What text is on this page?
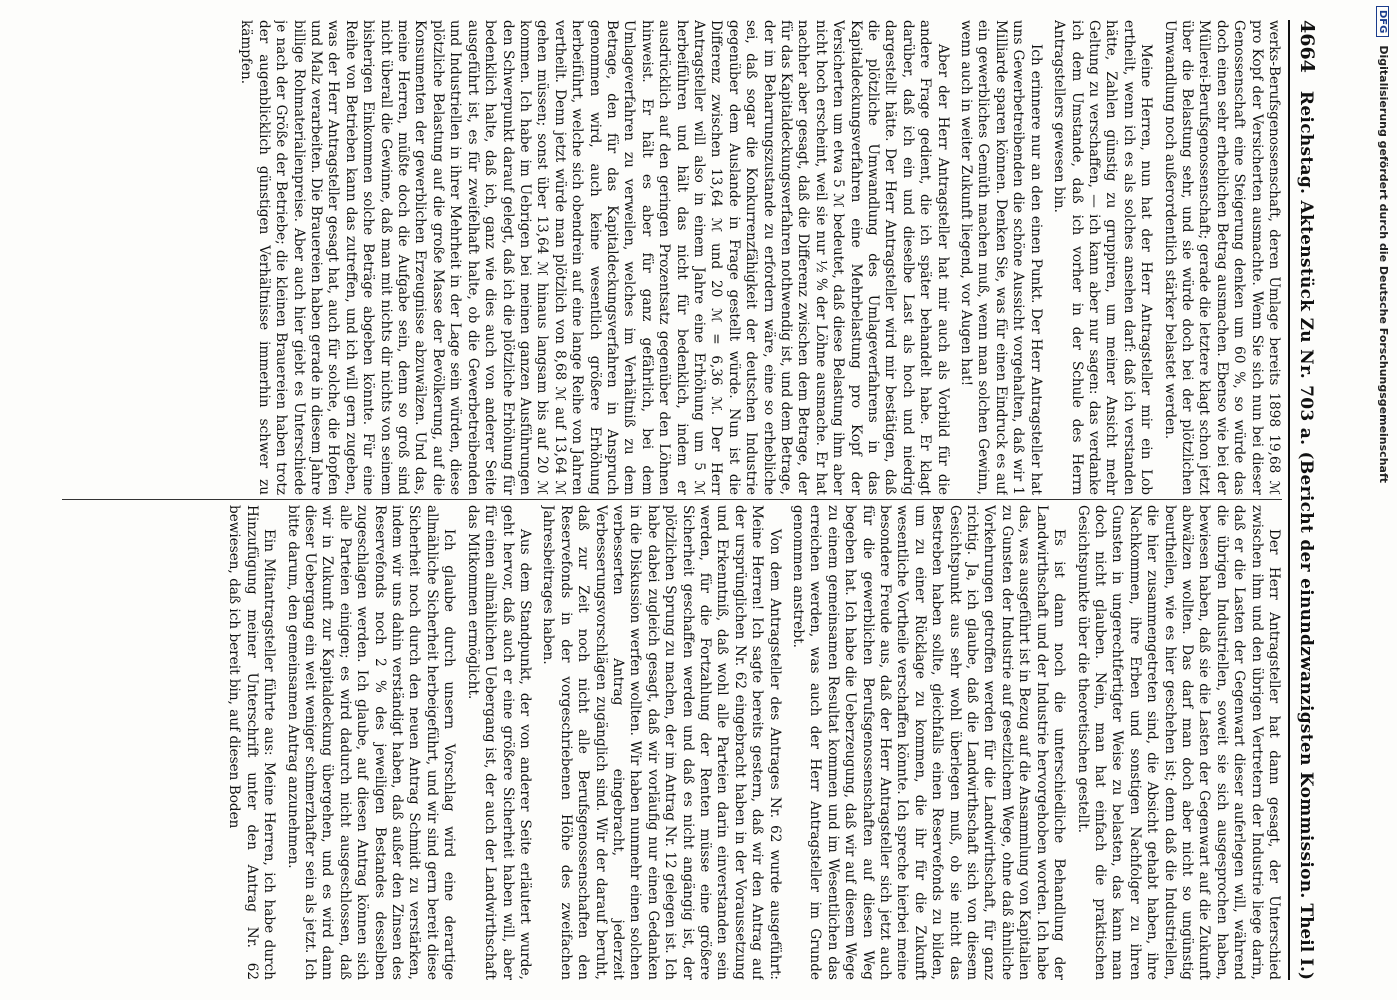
4664
Reichstag. Aktenstück Zu Nr. 703 a. (Bericht der einundzwanzigsten Kommission.
Theil I.)

werks-Berufsgenossenschaft, deren Umlage bereits 1898 19,68 ℳ pro Kopf der Versicherten ausmachte. Wenn Sie sich nun bei dieser Genossenschaft eine Steigerung denken um 60 %, so würde das doch einen sehr erheblichen Betrag ausmachen. Ebenso wie bei der Müllerei-Berufsgenossenschaft; gerade die letztere klagt schon jetzt über die Belastung sehr, und sie würde doch bei der plötzlichen Umwandlung noch außerordentlich stärker belastet werden.

Meine Herren, nun hat der Herr Antragsteller mir ein Lob ertheilt, wenn ich es als solches ansehen darf: daß ich verstanden hätte, Zahlen günstig zu gruppiren, um meiner Ansicht mehr Geltung zu verschaffen, — ich kann aber nur sagen: das verdanke ich dem Umstande, daß ich vorher in der Schule des Herrn Antragstellers gewesen bin.

Ich erinnere nur an den einen Punkt. Der Herr Antragsteller hat uns Gewerbetreibenden die schöne Aussicht vorgehalten, daß wir 1 Milliarde sparen können. Denken Sie, was für einen Eindruck es auf ein gewerbliches Gemüth machen muß, wenn man solchen Gewinn, wenn auch in weiter Zukunft liegend, vor Augen hat!

Aber der Herr Antragsteller hat mir auch als Vorbild für die andere Frage gedient, die ich später behandelt habe. Er klagt darüber, daß ich ein und dieselbe Last als hoch und niedrig dargestellt hätte. Der Herr Antragsteller wird mir bestätigen, daß die plötzliche Umwandlung des Umlageverfahrens in das Kapitaldeckungsverfahren eine Mehrbelastung pro Kopf der Versicherten um etwa 5 ℳ bedeutet, daß diese Belastung ihm aber nicht hoch erscheint, weil sie nur ½ % der Löhne ausmache. Er hat nachher aber gesagt, daß die Differenz zwischen dem Betrage, der für das Kapitaldeckungsverfahren nothwendig ist, und dem Betrage, der im Beharrungszustande zu erfordern wäre, eine so erhebliche sei, daß sogar die Konkurrenzfähigkeit der deutschen Industrie gegenüber dem Auslande in Frage gestellt würde. Nun ist die Differenz zwischen 13,64 ℳ und 20 ℳ = 6,36 ℳ. Der Herr Antragsteller will also in einem Jahre eine Erhöhung um 5 ℳ herbeiführen und hält das nicht für bedenklich, indem er ausdrücklich auf den geringen Prozentsatz gegenüber den Löhnen hinweist. Er hält es aber für ganz gefährlich, bei dem Umlageverfahren zu verweilen, welches im Verhältniß zu dem Betrage, den für das Kapitaldeckungsverfahren in Anspruch genommen wird, auch keine wesentlich größere Erhöhung herbeiführt, welche sich obendrein auf eine lange Reihe von Jahren vertheilt. Denn jetzt würde man plötzlich von 8,68 ℳ auf 13,64 ℳ gehen müssen; sonst über 13,64 ℳ hinaus langsam bis auf 20 ℳ kommen. Ich habe im Uebrigen bei meinen ganzen Ausführungen den Schwerpunkt darauf gelegt, daß ich die plötzliche Erhöhung für bedenklich halte, daß ich, ganz wie dies auch von anderer Seite ausgeführt ist, es für zweifelhaft halte, ob die Gewerbetreibenden und Industriellen in ihrer Mehrheit in der Lage sein würden, diese plötzliche Belastung auf die große Masse der Bevölkerung, auf die Konsumenten der gewerblichen Erzeugnisse abzuwälzen. Und das, meine Herren, müßte doch die Aufgabe sein, denn so groß sind nicht überall die Gewinne, daß man mit nichts dir nichts von seinem bisherigen Einkommen solche Beträge abgeben könnte. Für eine Reihe von Betrieben kann das zutreffen, und ich will gern zugeben, was der Herr Antragsteller gesagt hat, auch für solche, die Hopfen und Malz verarbeiten. Die Brauereien haben gerade in diesem Jahre billige Rohmaterialienpreise. Aber auch hier giebt es Unterschiede je nach der Größe der Betriebe; die kleinen Brauereien haben trotz der augenblicklich günstigen Verhältnisse immerhin schwer zu kämpfen.

Der Herr Antragsteller hat dann gesagt, der Unterschied zwischen ihm und den übrigen Vertretern der Industrie liege darin, daß er die Lasten der Gegenwart dieser auferlegen will, während die übrigen Industriellen, soweit sie sich ausgesprochen haben, bewiesen haben, daß sie die Lasten der Gegenwart auf die Zukunft abwälzen wollten. Das darf man doch aber nicht so ungünstig beurtheilen, wie es hier geschehen ist; denn daß die Industriellen, die hier zusammengetreten sind, die Absicht gehabt haben, ihre Nachkommen, ihre Erben und sonstigen Nachfolger zu ihren Gunsten in ungerechtfertigter Weise zu belasten, das kann man doch nicht glauben. Nein, man hat einfach die praktischen Gesichtspunkte über die theoretischen gestellt.

Es ist dann noch die unterschiedliche Behandlung der Landwirthschaft und der Industrie hervorgehoben worden. Ich habe das, was ausgeführt ist in Bezug auf die Ansammlung von Kapitalien zu Gunsten der Industrie auf gesetzlichem Wege, ohne daß ähnliche Vorkehrungen getroffen werden für die Landwirthschaft, für ganz richtig. Ja, ich glaube, daß die Landwirthschaft sich von diesem Gesichtspunkt aus sehr wohl überlegen muß, ob sie nicht das Bestreben haben sollte, gleichfalls einen Reservefonds zu bilden, um zu einer Rücklage zu kommen, die ihr für die Zukunft wesentliche Vortheile verschaffen könnte. Ich spreche hierbei meine besondere Freude aus, daß der Herr Antragsteller sich jetzt auch für die gewerblichen Berufsgenossenschaften auf diesen Weg begeben hat. Ich habe die Ueberzeugung, daß wir auf diesem Wege zu einem gemeinsamen Resultat kommen und im Wesentlichen das erreichen werden, was auch der Herr Antragsteller im Grunde genommen anstrebt.

Von dem Antragsteller des Antrages Nr. 62 wurde ausgeführt: Meine Herren! Ich sagte bereits gestern, daß wir den Antrag auf der ursprünglichen Nr. 62 eingebracht haben in der Voraussetzung und Erkenntniß, daß wohl alle Parteien darin einverstanden sein werden, für die Fortzahlung der Renten müsse eine größere Sicherheit geschaffen werden und daß es nicht angängig ist, der plötzlichen Sprung zu machen, der im Antrag Nr. 12 gelegen ist. Ich habe dabei zugleich gesagt, daß wir vorläufig nur einen Gedanken in die Diskussion werfen wollten. Wir haben nunmehr einen solchen verbesserten Antrag eingebracht, jederzeit Verbesserungsvorschlägen zugänglich sind. Wir der darauf beruht, daß zur Zeit noch nicht alle Berufsgenossenschaften den Reservefonds in der vorgeschriebenen Höhe des zweifachen Jahresbeitrages haben.

Aus dem Standpunkt, der von anderer Seite erläutert wurde, geht hervor, daß auch er eine größere Sicherheit haben will, aber für einen allmählichen Uebergang ist, der auch der Landwirthschaft das Mitkommen ermöglicht.

Ich glaube durch unsern Vorschlag wird eine derartige allmähliche Sicherheit herbeigeführt, und wir sind gern bereit diese Sicherheit noch durch den neuen Antrag Schmidt zu verstärken, indem wir uns dahin verständigt haben, daß außer den Zinsen des Reservefonds noch 2 % des jeweiligen Bestandes desselben zugeschlagen werden. Ich glaube, auf diesen Antrag können sich alle Parteien einigen; es wird dadurch nicht ausgeschlossen, daß wir in Zukunft zur Kapitaldeckung übergehen, und es wird dann dieser Uebergang ein weit weniger schmerzhafter sein als jetzt. Ich bitte darum, den gemeinsamen Antrag anzunehmen.

Ein Mitantragsteller führte aus: Meine Herren, ich habe durch Hinzufügung meiner Unterschrift unter den Antrag Nr. 62 bewiesen, daß ich bereit bin, auf diesen Boden

DFGDigitalisierung gefördert durch die Deutsche Forschungsgemeinschaft
